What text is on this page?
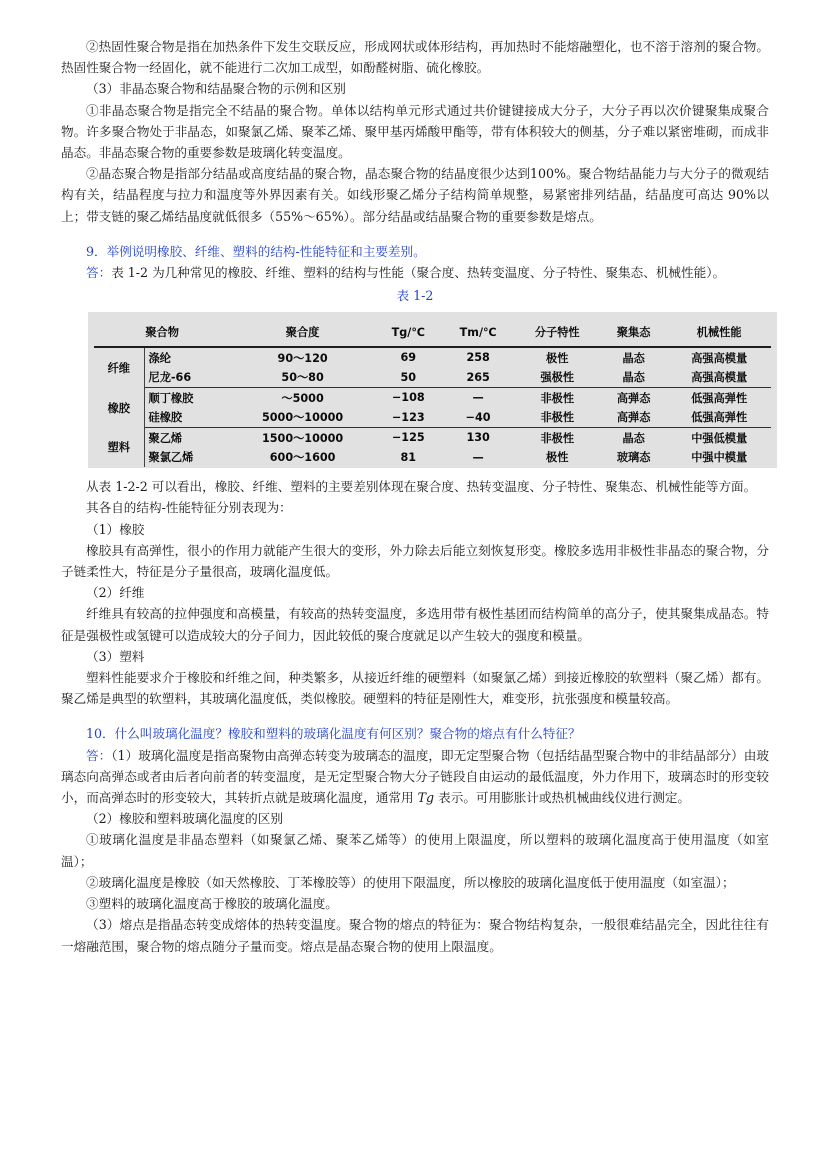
②热固性聚合物是指在加热条件下发生交联反应，形成网状或体形结构，再加热时不能熔融塑化，也不溶于溶剂的聚合物。热固性聚合物一经固化，就不能进行二次加工成型，如酚醛树脂、硫化橡胶。

（3）非晶态聚合物和结晶聚合物的示例和区别

①非晶态聚合物是指完全不结晶的聚合物。单体以结构单元形式通过共价键键接成大分子，大分子再以次价键聚集成聚合物。许多聚合物处于非晶态，如聚氯乙烯、聚苯乙烯、聚甲基丙烯酸甲酯等，带有体积较大的侧基，分子难以紧密堆砌，而成非晶态。非晶态聚合物的重要参数是玻璃化转变温度。

②晶态聚合物是指部分结晶或高度结晶的聚合物，晶态聚合物的结晶度很少达到100%。聚合物结晶能力与大分子的微观结构有关，结晶程度与拉力和温度等外界因素有关。如线形聚乙烯分子结构简单规整，易紧密排列结晶，结晶度可高达 90%以上；带支链的聚乙烯结晶度就低很多（55%～65%）。部分结晶或结晶聚合物的重要参数是熔点。

9．举例说明橡胶、纤维、塑料的结构-性能特征和主要差别。

答：表 1-2 为几种常见的橡胶、纤维、塑料的结构与性能（聚合度、热转变温度、分子特性、聚集态、机械性能）。

表 1-2
聚合物		聚合度	Tg/℃	Tm/℃	分子特性	聚集态	机械性能
纤维	涤纶	90～120	69	258	极性	晶态	高强高模量
	尼龙-66	50～80	50	265	强极性	晶态	高强高模量
橡胶	顺丁橡胶	～5000	−108	—	非极性	高弹态	低强高弹性
	硅橡胶	5000～10000	−123	−40	非极性	高弹态	低强高弹性
塑料	聚乙烯	1500～10000	−125	130	非极性	晶态	中强低模量
	聚氯乙烯	600～1600	81	—	极性	玻璃态	中强中模量

从表 1-2-2 可以看出，橡胶、纤维、塑料的主要差别体现在聚合度、热转变温度、分子特性、聚集态、机械性能等方面。

其各自的结构-性能特征分别表现为：

（1）橡胶

橡胶具有高弹性，很小的作用力就能产生很大的变形，外力除去后能立刻恢复形变。橡胶多选用非极性非晶态的聚合物，分子链柔性大，特征是分子量很高，玻璃化温度低。

（2）纤维

纤维具有较高的拉伸强度和高模量，有较高的热转变温度，多选用带有极性基团而结构简单的高分子，使其聚集成晶态。特征是强极性或氢键可以造成较大的分子间力，因此较低的聚合度就足以产生较大的强度和模量。

（3）塑料

塑料性能要求介于橡胶和纤维之间，种类繁多，从接近纤维的硬塑料（如聚氯乙烯）到接近橡胶的软塑料（聚乙烯）都有。聚乙烯是典型的软塑料，其玻璃化温度低，类似橡胶。硬塑料的特征是刚性大，难变形，抗张强度和模量较高。

10．什么叫玻璃化温度？橡胶和塑料的玻璃化温度有何区别？聚合物的熔点有什么特征？

答：（1）玻璃化温度是指高聚物由高弹态转变为玻璃态的温度，即无定型聚合物（包括结晶型聚合物中的非结晶部分）由玻璃态向高弹态或者由后者向前者的转变温度，是无定型聚合物大分子链段自由运动的最低温度，外力作用下，玻璃态时的形变较小，而高弹态时的形变较大，其转折点就是玻璃化温度，通常用 Tg 表示。可用膨胀计或热机械曲线仪进行测定。

（2）橡胶和塑料玻璃化温度的区别

①玻璃化温度是非晶态塑料（如聚氯乙烯、聚苯乙烯等）的使用上限温度，所以塑料的玻璃化温度高于使用温度（如室温）；

②玻璃化温度是橡胶（如天然橡胶、丁苯橡胶等）的使用下限温度，所以橡胶的玻璃化温度低于使用温度（如室温）；

③塑料的玻璃化温度高于橡胶的玻璃化温度。

（3）熔点是指晶态转变成熔体的热转变温度。聚合物的熔点的特征为：聚合物结构复杂，一般很难结晶完全，因此往往有一熔融范围，聚合物的熔点随分子量而变。熔点是晶态聚合物的使用上限温度。
